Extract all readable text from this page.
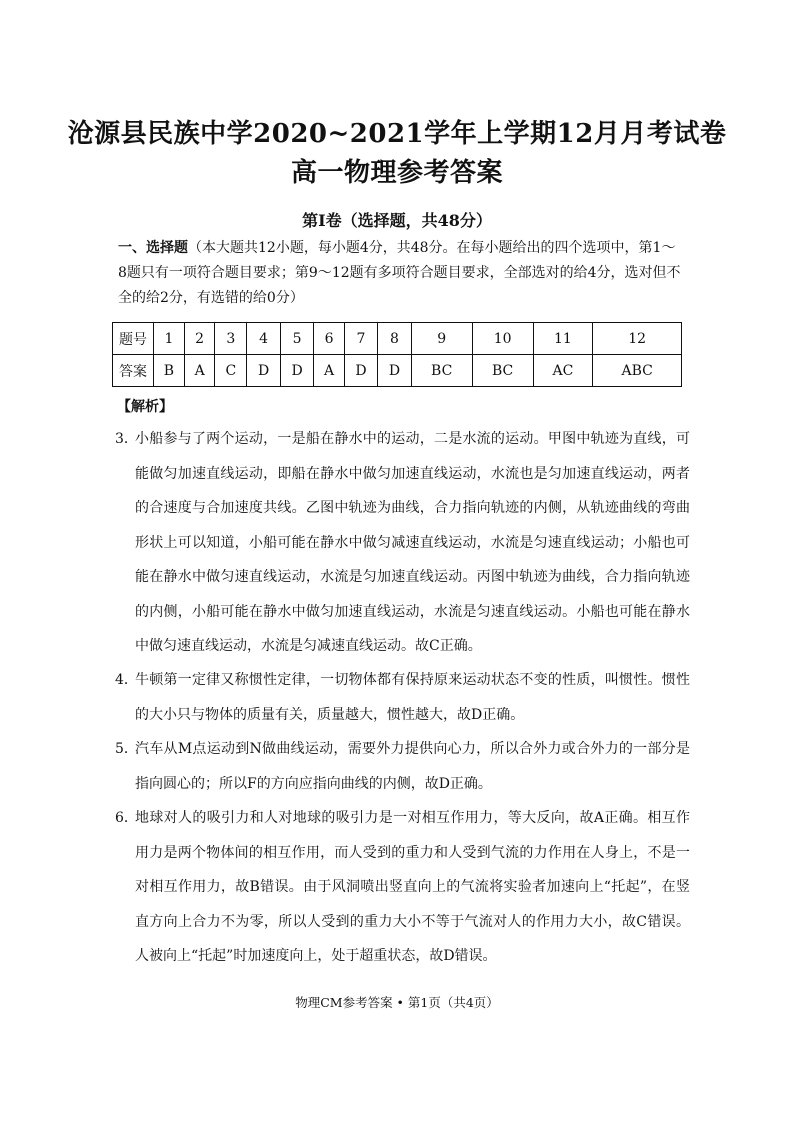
沧源县民族中学2020~2021学年上学期12月月考试卷
高一物理参考答案
第Ⅰ卷（选择题，共48分）

一、选择题（本大题共12小题，每小题4分，共48分。在每小题给出的四个选项中，第1～8题只有一项符合题目要求；第9～12题有多项符合题目要求，全部选对的给4分，选对但不全的给2分，有选错的给0分）

题号	1	2	3	4	5	6	7	8	9	10	11	12
答案	B	A	C	D	D	A	D	D	BC	BC	AC	ABC
【解析】
3．
小船参与了两个运动，一是船在静水中的运动，二是水流的运动。甲图中轨迹为直线，可能做匀加速直线运动，即船在静水中做匀加速直线运动，水流也是匀加速直线运动，两者的合速度与合加速度共线。乙图中轨迹为曲线，合力指向轨迹的内侧，从轨迹曲线的弯曲形状上可以知道，小船可能在静水中做匀减速直线运动，水流是匀速直线运动；小船也可能在静水中做匀速直线运动，水流是匀加速直线运动。丙图中轨迹为曲线，合力指向轨迹的内侧，小船可能在静水中做匀加速直线运动，水流是匀速直线运动。小船也可能在静水中做匀速直线运动，水流是匀减速直线运动。故C正确。
4．
牛顿第一定律又称惯性定律，一切物体都有保持原来运动状态不变的性质，叫惯性。惯性的大小只与物体的质量有关，质量越大，惯性越大，故D正确。
5．
汽车从M点运动到N做曲线运动，需要外力提供向心力，所以合外力或合外力的一部分是指向圆心的；所以F的方向应指向曲线的内侧，故D正确。
6．
地球对人的吸引力和人对地球的吸引力是一对相互作用力，等大反向，故A正确。相互作用力是两个物体间的相互作用，而人受到的重力和人受到气流的力作用在人身上，不是一对相互作用力，故B错误。由于风洞喷出竖直向上的气流将实验者加速向上“托起”，在竖直方向上合力不为零，所以人受到的重力大小不等于气流对人的作用力大小，故C错误。人被向上“托起”时加速度向上，处于超重状态，故D错误。
物理CM参考答案 • 第1页（共4页）
